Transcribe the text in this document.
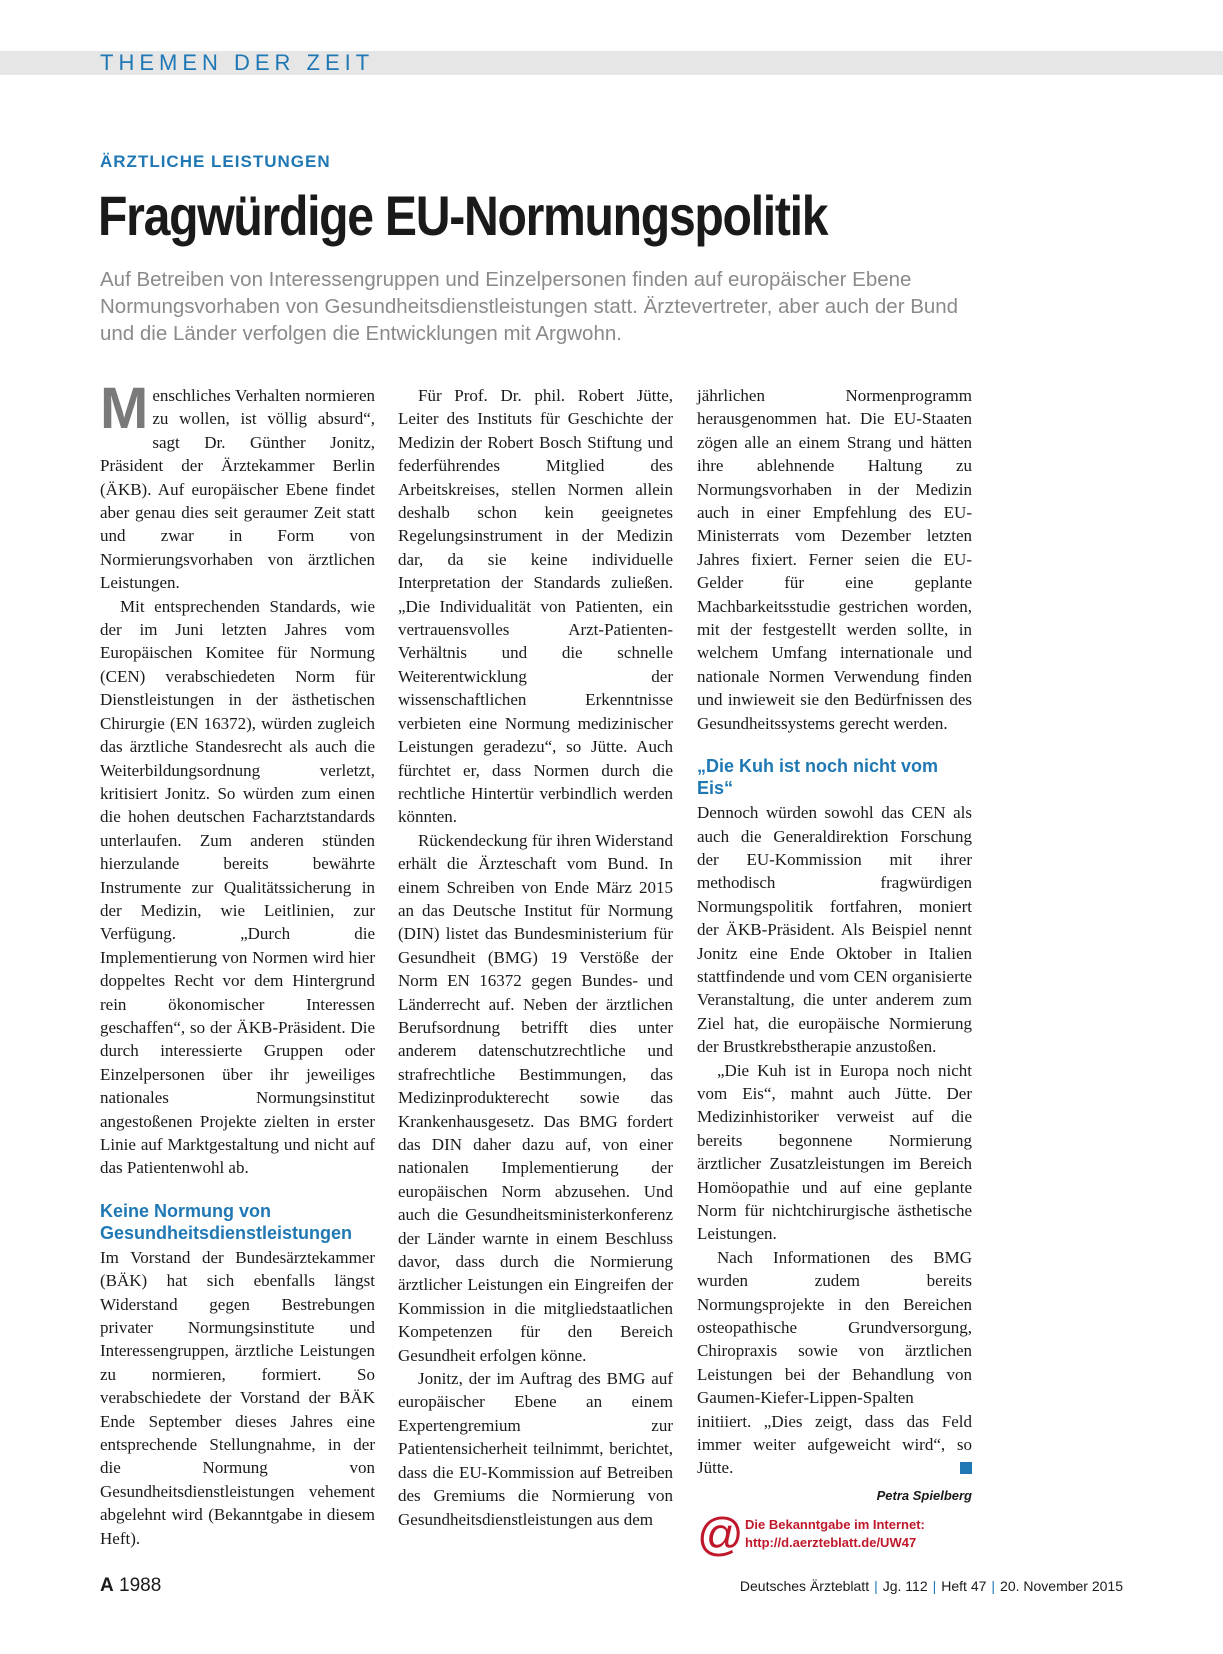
THEMEN DER ZEIT
ÄRZTLICHE LEISTUNGEN
Fragwürdige EU-Normungspolitik
Auf Betreiben von Interessengruppen und Einzelpersonen finden auf europäischer Ebene Normungsvorhaben von Gesundheitsdienstleistungen statt. Ärztevertreter, aber auch der Bund und die Länder verfolgen die Entwicklungen mit Argwohn.

Menschliches Verhalten normieren zu wollen, ist völlig absurd“, sagt Dr. Günther Jonitz, Präsident der Ärztekammer Berlin (ÄKB). Auf europäischer Ebene findet aber genau dies seit geraumer Zeit statt und zwar in Form von Normierungsvorhaben von ärztlichen Leistungen.

Mit entsprechenden Standards, wie der im Juni letzten Jahres vom Europäischen Komitee für Normung (CEN) verabschiedeten Norm für Dienstleistungen in der ästhetischen Chirurgie (EN 16372), würden zugleich das ärztliche Standesrecht als auch die Weiterbildungsordnung verletzt, kritisiert Jonitz. So würden zum einen die hohen deutschen Facharztstandards unterlaufen. Zum anderen stünden hierzulande bereits bewährte Instrumente zur Qualitätssicherung in der Medizin, wie Leitlinien, zur Verfügung. „Durch die Implementierung von Normen wird hier doppeltes Recht vor dem Hintergrund rein ökonomischer Interessen geschaffen“, so der ÄKB-Präsident. Die durch interessierte Gruppen oder Einzelpersonen über ihr jeweiliges nationales Normungsinstitut angestoßenen Projekte zielten in erster Linie auf Marktgestaltung und nicht auf das Patientenwohl ab.

Keine Normung von Gesundheitsdienstleistungen

Im Vorstand der Bundesärztekammer (BÄK) hat sich ebenfalls längst Widerstand gegen Bestrebungen privater Normungsinstitute und Interessengruppen, ärztliche Leistungen zu normieren, formiert. So verabschiedete der Vorstand der BÄK Ende September dieses Jahres eine entsprechende Stellungnahme, in der die Normung von Gesundheitsdienstleistungen vehement abgelehnt wird (Bekanntgabe in diesem Heft).

Für Prof. Dr. phil. Robert Jütte, Leiter des Instituts für Geschichte der Medizin der Robert Bosch Stiftung und federführendes Mitglied des Arbeitskreises, stellen Normen allein deshalb schon kein geeignetes Regelungsinstrument in der Medizin dar, da sie keine individuelle Interpretation der Standards zuließen. „Die Individualität von Patienten, ein vertrauensvolles Arzt-Patienten-Verhältnis und die schnelle Weiterentwicklung der wissenschaftlichen Erkenntnisse verbieten eine Normung medizinischer Leistungen geradezu“, so Jütte. Auch fürchtet er, dass Normen durch die rechtliche Hintertür verbindlich werden könnten.

Rückendeckung für ihren Widerstand erhält die Ärzteschaft vom Bund. In einem Schreiben von Ende März 2015 an das Deutsche Institut für Normung (DIN) listet das Bundesministerium für Gesundheit (BMG) 19 Verstöße der Norm EN 16372 gegen Bundes- und Länderrecht auf. Neben der ärztlichen Berufsordnung betrifft dies unter anderem datenschutzrechtliche und strafrechtliche Bestimmungen, das Medizinprodukterecht sowie das Krankenhausgesetz. Das BMG fordert das DIN daher dazu auf, von einer nationalen Implementierung der europäischen Norm abzusehen. Und auch die Gesundheitsministerkonferenz der Länder warnte in einem Beschluss davor, dass durch die Normierung ärztlicher Leistungen ein Eingreifen der Kommission in die mitgliedstaatlichen Kompetenzen für den Bereich Gesundheit erfolgen könne.

Jonitz, der im Auftrag des BMG auf europäischer Ebene an einem Expertengremium zur Patientensicherheit teilnimmt, berichtet, dass die EU-Kommission auf Betreiben des Gremiums die Normierung von Gesundheitsdienstleistungen aus dem

jährlichen Normenprogramm herausgenommen hat. Die EU-Staaten zögen alle an einem Strang und hätten ihre ablehnende Haltung zu Normungsvorhaben in der Medizin auch in einer Empfehlung des EU-Ministerrats vom Dezember letzten Jahres fixiert. Ferner seien die EU-Gelder für eine geplante Machbarkeitsstudie gestrichen worden, mit der festgestellt werden sollte, in welchem Umfang internationale und nationale Normen Verwendung finden und inwieweit sie den Bedürfnissen des Gesundheitssystems gerecht werden.

„Die Kuh ist noch nicht vom Eis“

Dennoch würden sowohl das CEN als auch die Generaldirektion Forschung der EU-Kommission mit ihrer methodisch fragwürdigen Normungspolitik fortfahren, moniert der ÄKB-Präsident. Als Beispiel nennt Jonitz eine Ende Oktober in Italien stattfindende und vom CEN organisierte Veranstaltung, die unter anderem zum Ziel hat, die europäische Normierung der Brustkrebstherapie anzustoßen.

„Die Kuh ist in Europa noch nicht vom Eis“, mahnt auch Jütte. Der Medizinhistoriker verweist auf die bereits begonnene Normierung ärztlicher Zusatzleistungen im Bereich Homöopathie und auf eine geplante Norm für nichtchirurgische ästhetische Leistungen.

Nach Informationen des BMG wurden zudem bereits Normungsprojekte in den Bereichen osteopathische Grundversorgung, Chiropraxis sowie von ärztlichen Leistungen bei der Behandlung von Gaumen-Kiefer-Lippen-Spalten initiiert. „Dies zeigt, dass das Feld immer weiter aufgeweicht wird“, so Jütte.

Petra Spielberg
@ Die Bekanntgabe im Internet:
http://d.aerzteblatt.de/UW47
A 1988	Deutsches Ärzteblatt | Jg. 112 | Heft 47 | 20. November 2015
